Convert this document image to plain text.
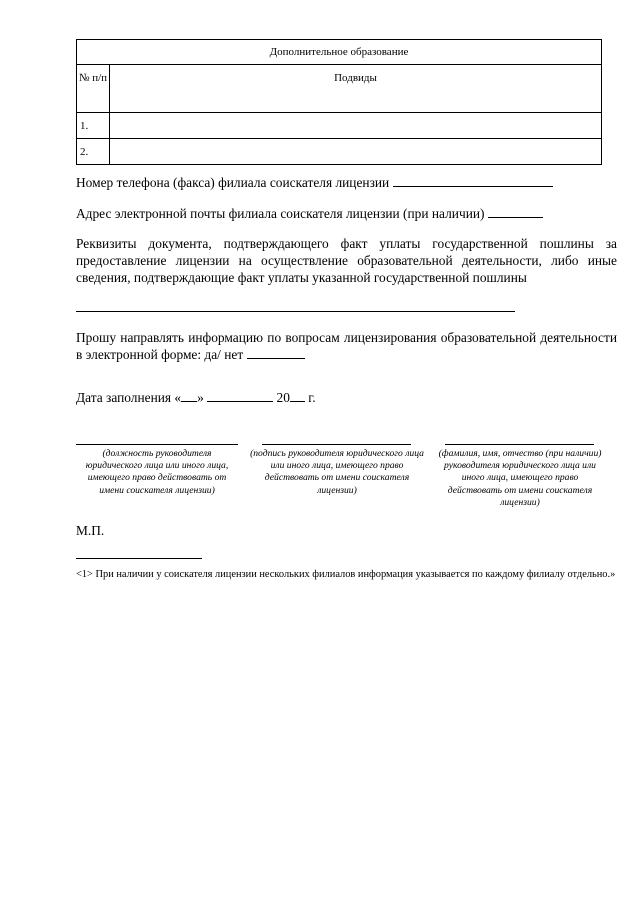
Дополнительное образование	
№ п/п	Подвиды
1.	
2.	
Номер телефона (факса) филиала соискателя лицензии
Адрес электронной почты филиала соискателя лицензии (при наличии)
Реквизиты документа, подтверждающего факт уплаты государственной пошлины за предоставление лицензии на осуществление образовательной деятельности, либо иные сведения, подтверждающие факт уплаты указанной государственной пошлины
Прошу направлять информацию по вопросам лицензирования образовательной деятельности в электронной форме: да/ нет
Дата заполнения « »	20 г.
(должность руководителя юридического лица или иного лица, имеющего право действовать от имени соискателя лицензии)
(подпись руководителя юридического лица или иного лица, имеющего право действовать от имени соискателя лицензии)
(фамилия, имя, отчество (при наличии) руководителя юридического лица или иного лица, имеющего право действовать от имени соискателя лицензии)
М.П.
<1> При наличии у соискателя лицензии нескольких филиалов информация указывается по каждому филиалу отдельно.»
